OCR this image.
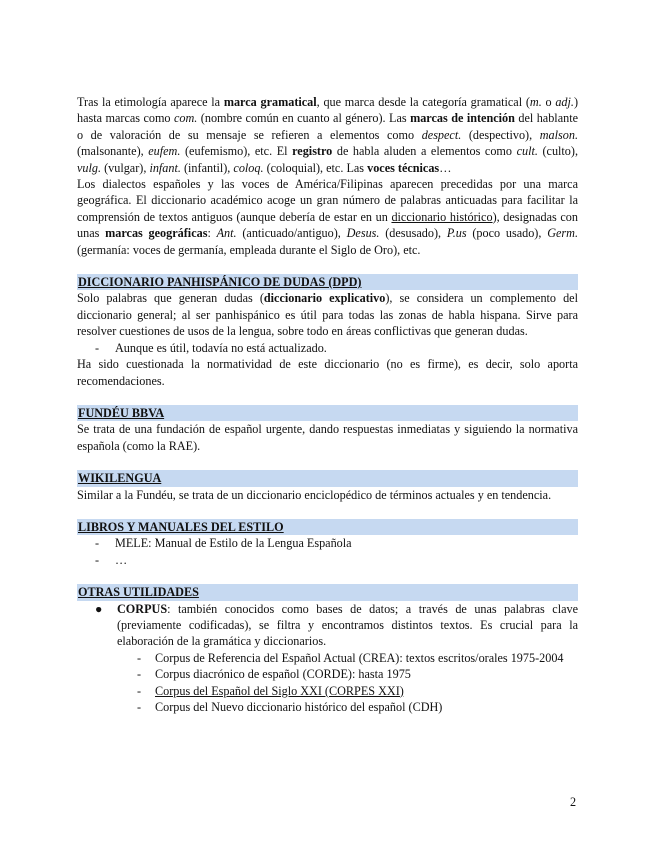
Tras la etimología aparece la marca gramatical, que marca desde la categoría gramatical (m. o adj.) hasta marcas como com. (nombre común en cuanto al género). Las marcas de intención del hablante o de valoración de su mensaje se refieren a elementos como despect. (despectivo), malson. (malsonante), eufem. (eufemismo), etc. El registro de habla aluden a elementos como cult. (culto), vulg. (vulgar), infant. (infantil), coloq. (coloquial), etc. Las voces técnicas…

Los dialectos españoles y las voces de América/Filipinas aparecen precedidas por una marca geográfica. El diccionario académico acoge un gran número de palabras anticuadas para facilitar la comprensión de textos antiguos (aunque debería de estar en un diccionario histórico), designadas con unas marcas geográficas: Ant. (anticuado/antiguo), Desus. (desusado), P.us (poco usado), Germ. (germanía: voces de germanía, empleada durante el Siglo de Oro), etc.

DICCIONARIO PANHISPÁNICO DE DUDAS (DPD)

Solo palabras que generan dudas (diccionario explicativo), se considera un complemento del diccionario general; al ser panhispánico es útil para todas las zonas de habla hispana. Sirve para resolver cuestiones de usos de la lengua, sobre todo en áreas conflictivas que generan dudas.

- Aunque es útil, todavía no está actualizado.

Ha sido cuestionada la normatividad de este diccionario (no es firme), es decir, solo aporta recomendaciones.

FUNDÉU BBVA

Se trata de una fundación de español urgente, dando respuestas inmediatas y siguiendo la normativa española (como la RAE).

WIKILENGUA

Similar a la Fundéu, se trata de un diccionario enciclopédico de términos actuales y en tendencia.

LIBROS Y MANUALES DEL ESTILO
- MELE: Manual de Estilo de la Lengua Española
- …
OTRAS UTILIDADES
● CORPUS: también conocidos como bases de datos; a través de unas palabras clave (previamente codificadas), se filtra y encontramos distintos textos. Es crucial para la elaboración de la gramática y diccionarios.

- Corpus de Referencia del Español Actual (CREA): textos escritos/orales 1975-2004
- Corpus diacrónico de español (CORDE): hasta 1975
- Corpus del Español del Siglo XXI (CORPES XXI)
- Corpus del Nuevo diccionario histórico del español (CDH)
2
